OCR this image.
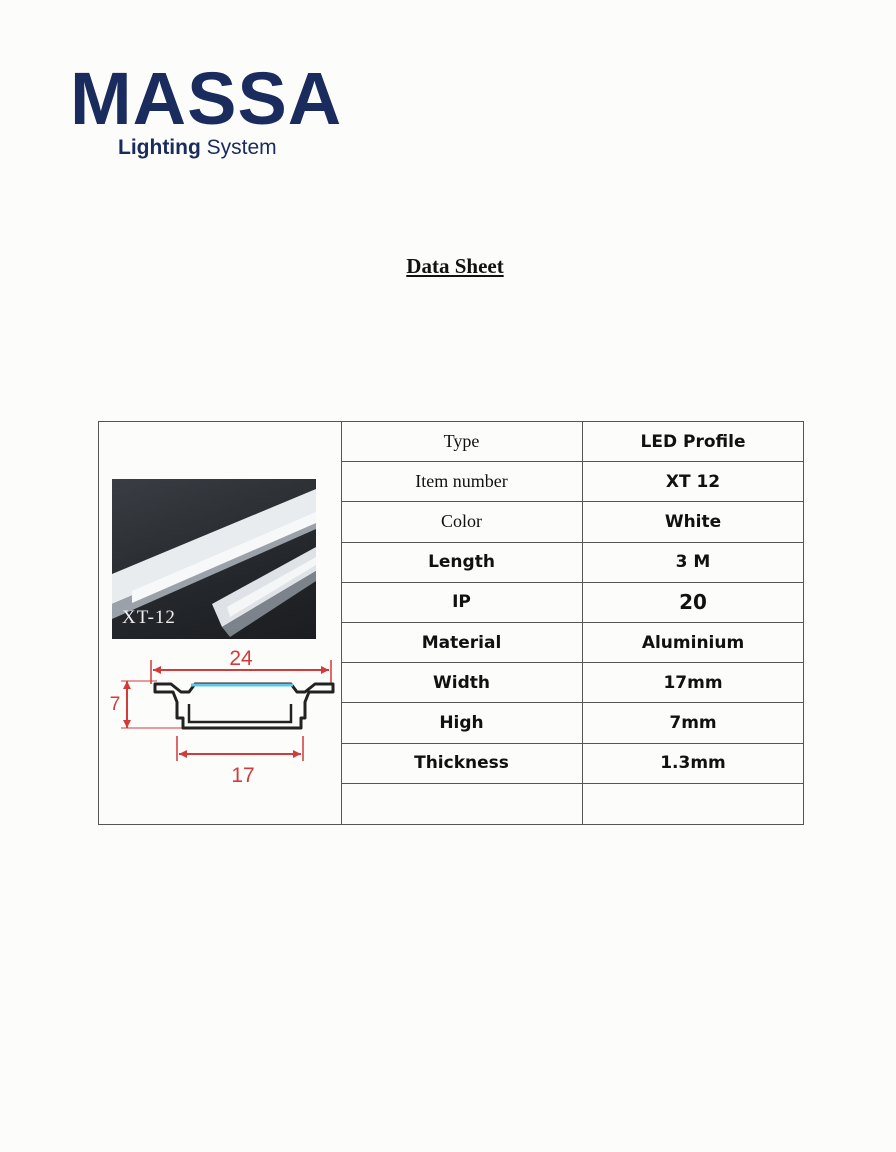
MASSA
Lighting System
Data Sheet
XT-12
24
7
17
Type	LED Profile
Item number	XT 12
Color	White
Length	3 M
IP	20
Material	Aluminium
Width	17mm
High	7mm
Thickness	1.3mm
